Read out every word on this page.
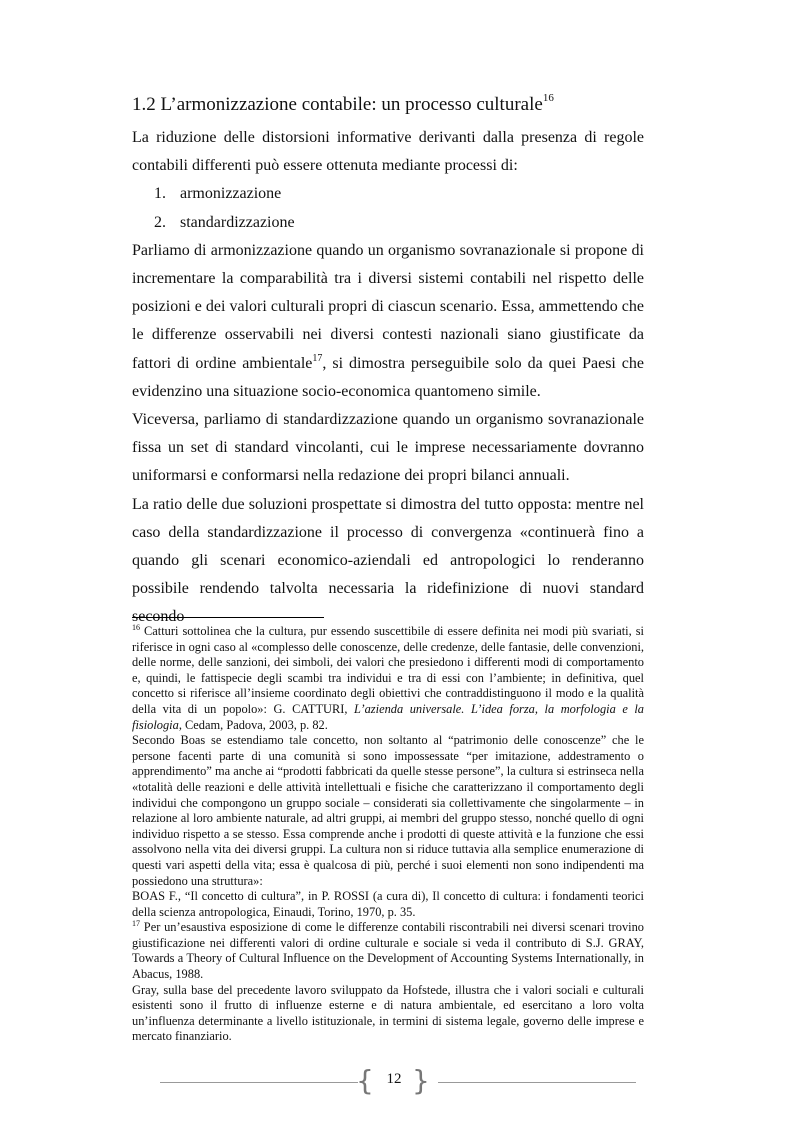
1.2 L’armonizzazione contabile: un processo culturale$^{16}$

La riduzione delle distorsioni informative derivanti dalla presenza di regole contabili differenti può essere ottenuta mediante processi di:

1. armonizzazione
2. standardizzazione

Parliamo di armonizzazione quando un organismo sovranazionale si propone di incrementare la comparabilità tra i diversi sistemi contabili nel rispetto delle posizioni e dei valori culturali propri di ciascun scenario. Essa, ammettendo che le differenze osservabili nei diversi contesti nazionali siano giustificate da fattori di ordine ambientale$^{17}$, si dimostra perseguibile solo da quei Paesi che evidenzino una situazione socio-economica quantomeno simile.

Viceversa, parliamo di standardizzazione quando un organismo sovranazionale fissa un set di standard vincolanti, cui le imprese necessariamente dovranno uniformarsi e conformarsi nella redazione dei propri bilanci annuali.

La ratio delle due soluzioni prospettate si dimostra del tutto opposta: mentre nel caso della standardizzazione il processo di convergenza «continuerà fino a quando gli scenari economico-aziendali ed antropologici lo renderanno possibile rendendo talvolta necessaria la ridefinizione di nuovi standard secondo

$^{16}$ Catturi sottolinea che la cultura, pur essendo suscettibile di essere definita nei modi più svariati, si riferisce in ogni caso al «complesso delle conoscenze, delle credenze, delle fantasie, delle convenzioni, delle norme, delle sanzioni, dei simboli, dei valori che presiedono i differenti modi di comportamento e, quindi, le fattispecie degli scambi tra individui e tra di essi con l’ambiente; in definitiva, quel concetto si riferisce all’insieme coordinato degli obiettivi che contraddistinguono il modo e la qualità della vita di un popolo»: G. CATTURI, L’azienda universale. L’idea forza, la morfologia e la fisiologia, Cedam, Padova, 2003, p. 82.

Secondo Boas se estendiamo tale concetto, non soltanto al “patrimonio delle conoscenze” che le persone facenti parte di una comunità si sono impossessate “per imitazione, addestramento o apprendimento” ma anche ai “prodotti fabbricati da quelle stesse persone”, la cultura si estrinseca nella «totalità delle reazioni e delle attività intellettuali e fisiche che caratterizzano il comportamento degli individui che compongono un gruppo sociale – considerati sia collettivamente che singolarmente – in relazione al loro ambiente naturale, ad altri gruppi, ai membri del gruppo stesso, nonché quello di ogni individuo rispetto a se stesso. Essa comprende anche i prodotti di queste attività e la funzione che essi assolvono nella vita dei diversi gruppi. La cultura non si riduce tuttavia alla semplice enumerazione di questi vari aspetti della vita; essa è qualcosa di più, perché i suoi elementi non sono indipendenti ma possiedono una struttura»:

BOAS F., “Il concetto di cultura”, in P. ROSSI (a cura di), Il concetto di cultura: i fondamenti teorici della scienza antropologica, Einaudi, Torino, 1970, p. 35.

$^{17}$ Per un’esaustiva esposizione di come le differenze contabili riscontrabili nei diversi scenari trovino giustificazione nei differenti valori di ordine culturale e sociale si veda il contributo di S.J. GRAY, Towards a Theory of Cultural Influence on the Development of Accounting Systems Internationally, in Abacus, 1988.

Gray, sulla base del precedente lavoro sviluppato da Hofstede, illustra che i valori sociali e culturali esistenti sono il frutto di influenze esterne e di natura ambientale, ed esercitano a loro volta un’influenza determinante a livello istituzionale, in termini di sistema legale, governo delle imprese e mercato finanziario.

{ 12 }
